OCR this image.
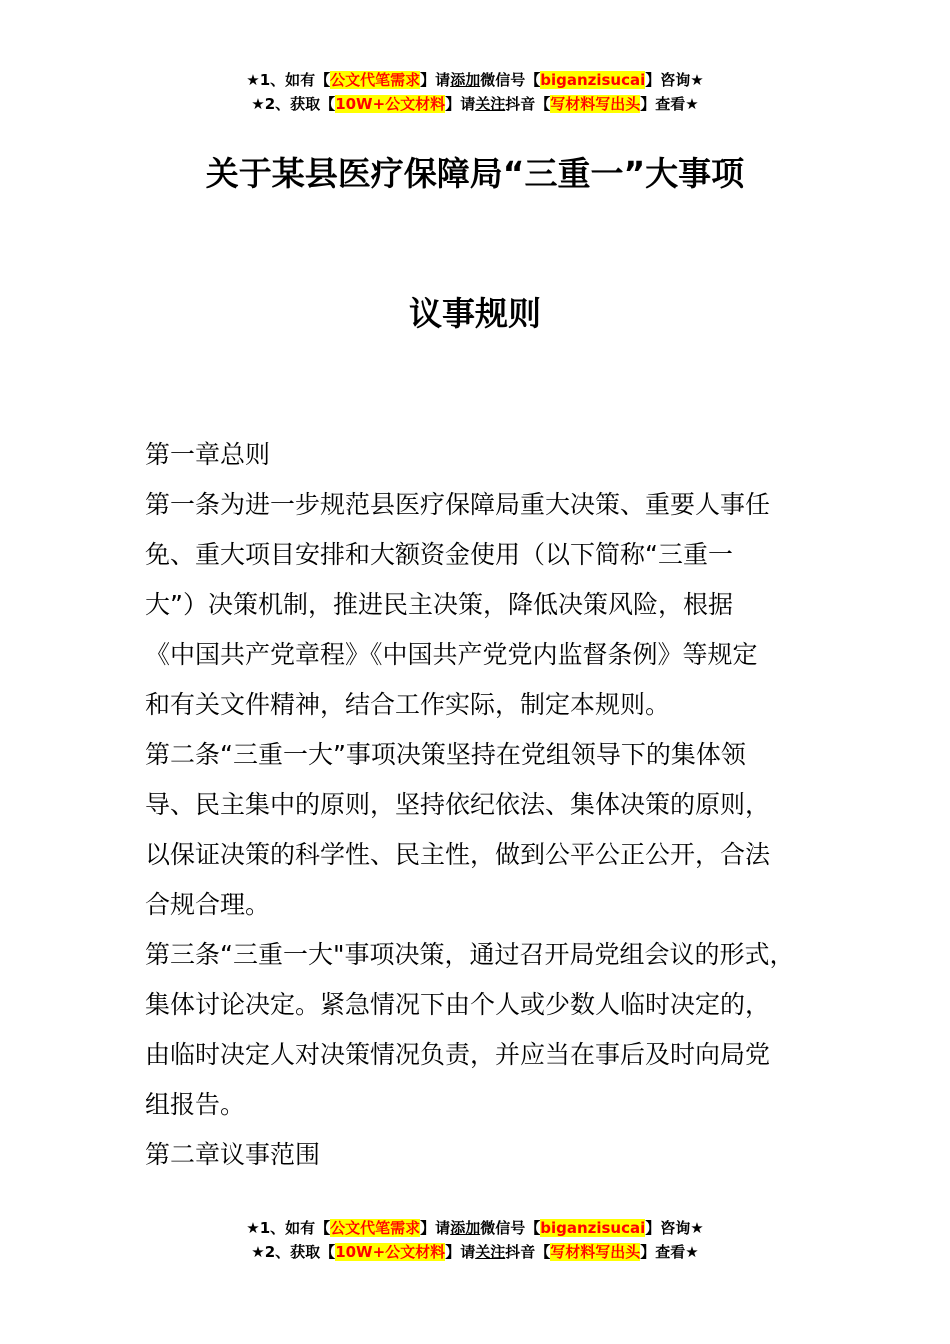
★1、如有【公文代笔需求】请添加微信号【biganzisucai】咨询★
★2、获取【10W+公文材料】请关注抖音【写材料写出头】查看★
关于某县医疗保障局“三重一”大事项
议事规则

第一章总则

第一条为进一步规范县医疗保障局重大决策、重要人事任

免、重大项目安排和大额资金使用（以下简称“三重一

大”）决策机制，推进民主决策，降低决策风险，根据

《中国共产党章程》《中国共产党党内监督条例》等规定

和有关文件精神，结合工作实际，制定本规则。

第二条“三重一大”事项决策坚持在党组领导下的集体领

导、民主集中的原则，坚持依纪依法、集体决策的原则，

以保证决策的科学性、民主性，做到公平公正公开，合法

合规合理。

第三条“三重一大"事项决策，通过召开局党组会议的形式，

集体讨论决定。紧急情况下由个人或少数人临时决定的，

由临时决定人对决策情况负责，并应当在事后及时向局党

组报告。

第二章议事范围

★1、如有【公文代笔需求】请添加微信号【biganzisucai】咨询★
★2、获取【10W+公文材料】请关注抖音【写材料写出头】查看★
